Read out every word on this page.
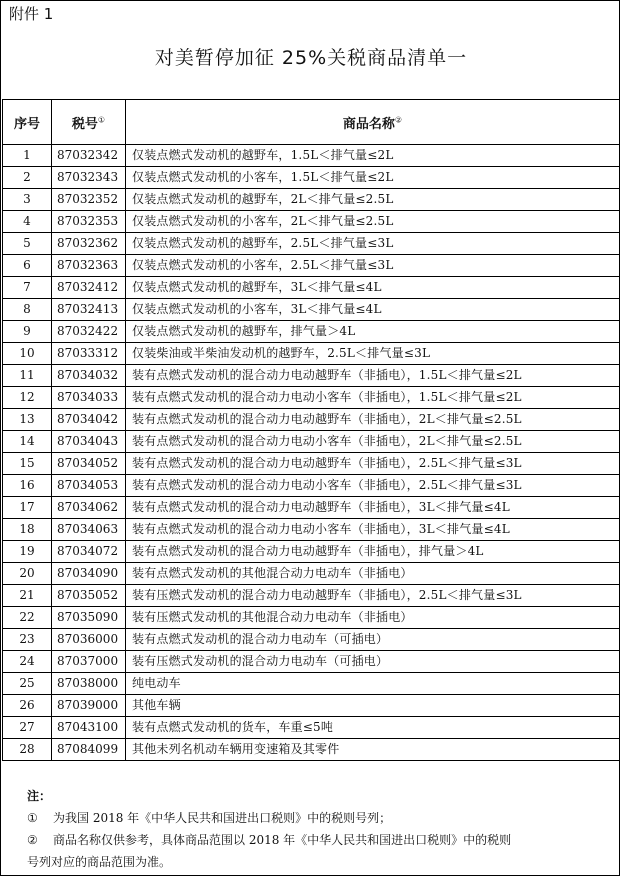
附件 1
对美暂停加征 25%关税商品清单一
序号	税号①	商品名称②
1	87032342	仅装点燃式发动机的越野车，1.5L＜排气量≤2L
2	87032343	仅装点燃式发动机的小客车，1.5L＜排气量≤2L
3	87032352	仅装点燃式发动机的越野车，2L＜排气量≤2.5L
4	87032353	仅装点燃式发动机的小客车，2L＜排气量≤2.5L
5	87032362	仅装点燃式发动机的越野车，2.5L＜排气量≤3L
6	87032363	仅装点燃式发动机的小客车，2.5L＜排气量≤3L
7	87032412	仅装点燃式发动机的越野车，3L＜排气量≤4L
8	87032413	仅装点燃式发动机的小客车，3L＜排气量≤4L
9	87032422	仅装点燃式发动机的越野车，排气量＞4L
10	87033312	仅装柴油或半柴油发动机的越野车，2.5L＜排气量≤3L
11	87034032	装有点燃式发动机的混合动力电动越野车（非插电），1.5L＜排气量≤2L
12	87034033	装有点燃式发动机的混合动力电动小客车（非插电），1.5L＜排气量≤2L
13	87034042	装有点燃式发动机的混合动力电动越野车（非插电），2L＜排气量≤2.5L
14	87034043	装有点燃式发动机的混合动力电动小客车（非插电），2L＜排气量≤2.5L
15	87034052	装有点燃式发动机的混合动力电动越野车（非插电），2.5L＜排气量≤3L
16	87034053	装有点燃式发动机的混合动力电动小客车（非插电），2.5L＜排气量≤3L
17	87034062	装有点燃式发动机的混合动力电动越野车（非插电），3L＜排气量≤4L
18	87034063	装有点燃式发动机的混合动力电动小客车（非插电），3L＜排气量≤4L
19	87034072	装有点燃式发动机的混合动力电动越野车（非插电），排气量＞4L
20	87034090	装有点燃式发动机的其他混合动力电动车（非插电）
21	87035052	装有压燃式发动机的混合动力电动越野车（非插电），2.5L＜排气量≤3L
22	87035090	装有压燃式发动机的其他混合动力电动车（非插电）
23	87036000	装有点燃式发动机的混合动力电动车（可插电）
24	87037000	装有压燃式发动机的混合动力电动车（可插电）
25	87038000	纯电动车
26	87039000	其他车辆
27	87043100	装有点燃式发动机的货车，车重≤5吨
28	87084099	其他未列名机动车辆用变速箱及其零件
注：
① 为我国 2018 年《中华人民共和国进出口税则》中的税则号列；
② 商品名称仅供参考，具体商品范围以 2018 年《中华人民共和国进出口税则》中的税则
号列对应的商品范围为准。
